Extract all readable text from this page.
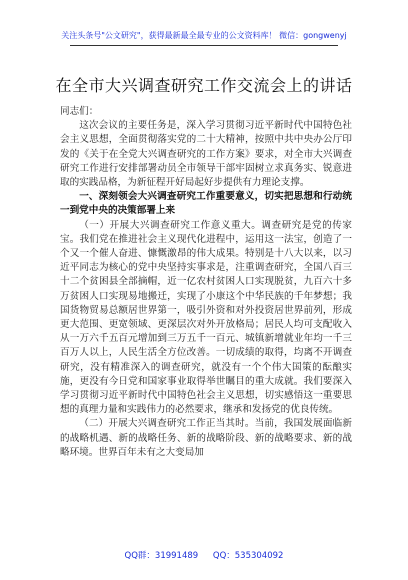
关注头条号"公文研究"，获得最新最全最专业的公文资料库！ 微信：gongwenyj
在全市大兴调查研究工作交流会上的讲话

同志们：

这次会议的主要任务是，深入学习贯彻习近平新时代中国特色社会主义思想，全面贯彻落实党的二十大精神，按照中共中央办公厅印发的《关于在全党大兴调查研究的工作方案》要求，对全市大兴调查研究工作进行安排部署动员全市领导干部牢固树立求真务实、锐意进取的实践品格，为新征程开好局起好步提供有力理论支撑。

一、深刻领会大兴调查研究工作重要意义，切实把思想和行动统一到党中央的决策部署上来

（一）开展大兴调查研究工作意义重大。调查研究是党的传家宝。我们党在推进社会主义现代化进程中，运用这一法宝，创造了一个又一个催人奋进、慷慨激昂的伟大成果。特别是十八大以来，以习近平同志为核心的党中央坚持实事求是，注重调查研究，全国八百三十二个贫困县全部摘帽，近一亿农村贫困人口实现脱贫，九百六十多万贫困人口实现易地搬迁，实现了小康这个中华民族的千年梦想；我国货物贸易总额居世界第一，吸引外资和对外投资居世界前列，形成更大范围、更宽领域、更深层次对外开放格局；居民人均可支配收入从一万六千五百元增加到三万五千一百元、城镇新增就业年均一千三百万人以上，人民生活全方位改善。一切成绩的取得，均离不开调查研究，没有精准深入的调查研究，就没有一个个伟大国策的酝酿实施，更没有今日党和国家事业取得举世瞩目的重大成就。我们要深入学习贯彻习近平新时代中国特色社会主义思想，切实感悟这一重要思想的真理力量和实践伟力的必然要求，继承和发扬党的优良传统。

（二）开展大兴调查研究工作正当其时。当前，我国发展面临新的战略机遇、新的战略任务、新的战略阶段、新的战略要求、新的战略环境。世界百年未有之大变局加

QQ群：31991489 QQ：535304092
